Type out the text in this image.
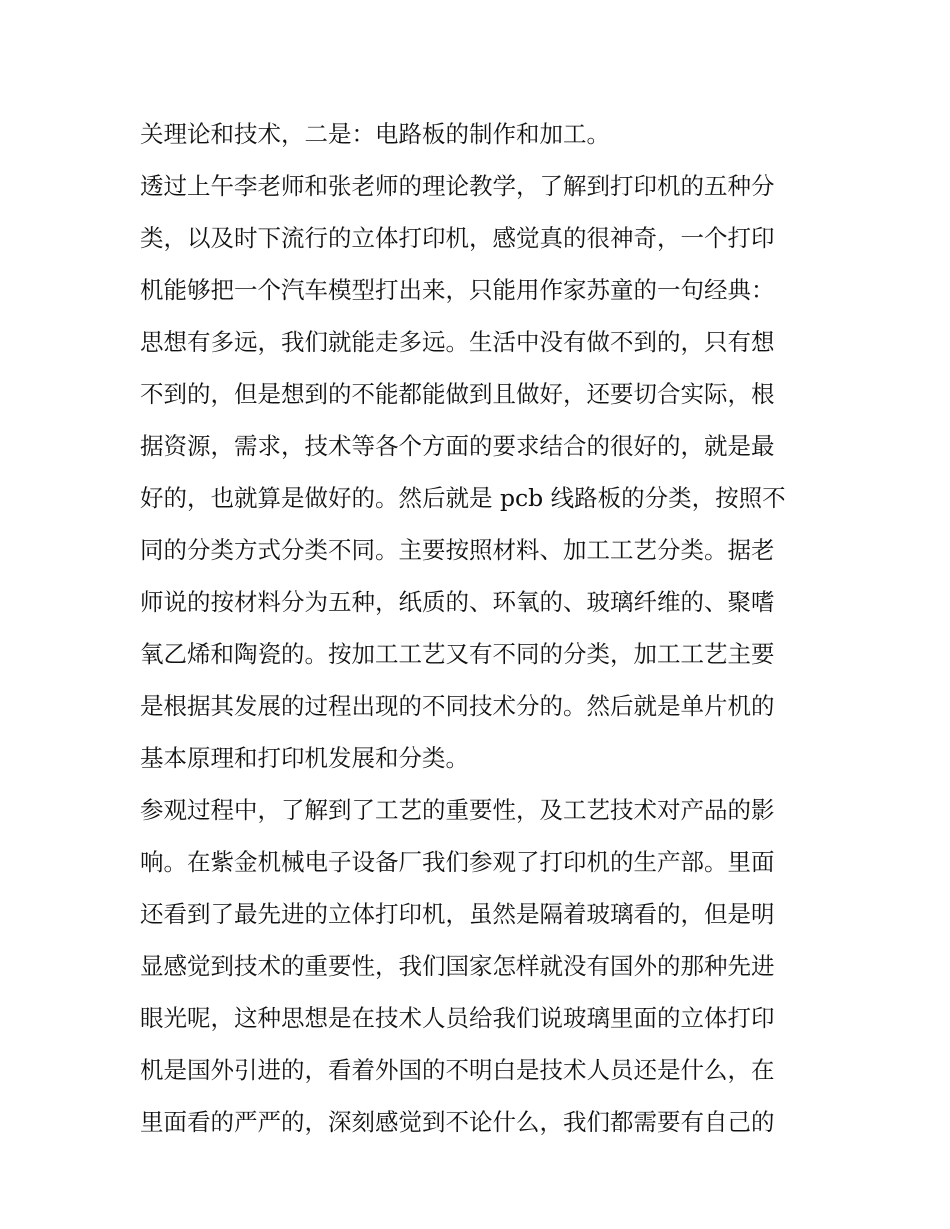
关理论和技术，二是：电路板的制作和加工。
透过上午李老师和张老师的理论教学，了解到打印机的五种分
类，以及时下流行的立体打印机，感觉真的很神奇，一个打印
机能够把一个汽车模型打出来，只能用作家苏童的一句经典：
思想有多远，我们就能走多远。生活中没有做不到的，只有想
不到的，但是想到的不能都能做到且做好，还要切合实际，根
据资源，需求，技术等各个方面的要求结合的很好的，就是最
好的，也就算是做好的。然后就是 pcb 线路板的分类，按照不
同的分类方式分类不同。主要按照材料、加工工艺分类。据老
师说的按材料分为五种，纸质的、环氧的、玻璃纤维的、聚嗜
氧乙烯和陶瓷的。按加工工艺又有不同的分类，加工工艺主要
是根据其发展的过程出现的不同技术分的。然后就是单片机的
基本原理和打印机发展和分类。
参观过程中，了解到了工艺的重要性，及工艺技术对产品的影
响。在紫金机械电子设备厂我们参观了打印机的生产部。里面
还看到了最先进的立体打印机，虽然是隔着玻璃看的，但是明
显感觉到技术的重要性，我们国家怎样就没有国外的那种先进
眼光呢，这种思想是在技术人员给我们说玻璃里面的立体打印
机是国外引进的，看着外国的不明白是技术人员还是什么，在
里面看的严严的，深刻感觉到不论什么，我们都需要有自己的
